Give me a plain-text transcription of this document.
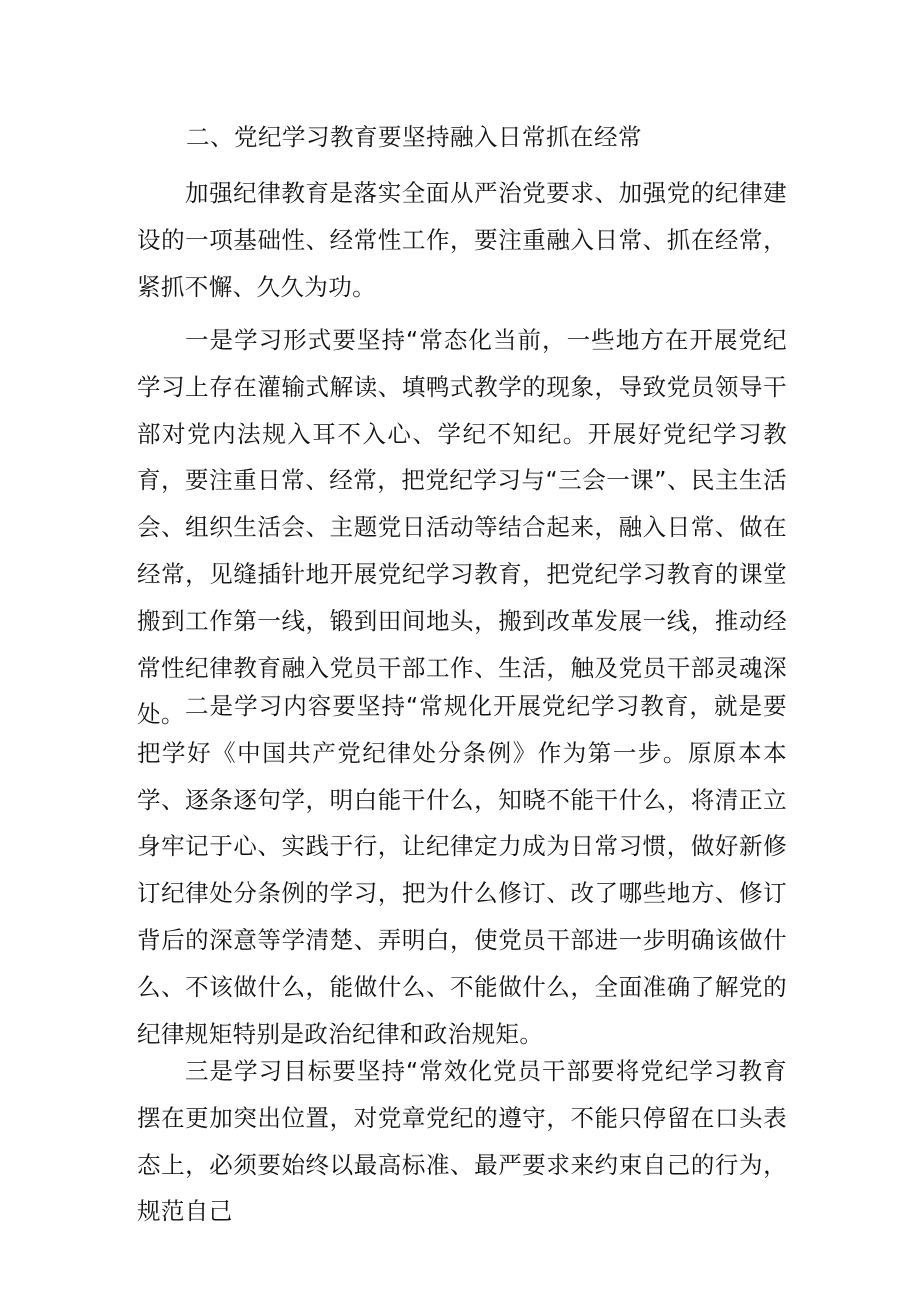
二、党纪学习教育要坚持融入日常抓在经常

加强纪律教育是落实全面从严治党要求、加强党的纪律建设的一项基础性、经常性工作，要注重融入日常、抓在经常，紧抓不懈、久久为功。

一是学习形式要坚持“常态化当前，一些地方在开展党纪学习上存在灌输式解读、填鸭式教学的现象，导致党员领导干部对党内法规入耳不入心、学纪不知纪。开展好党纪学习教育，要注重日常、经常，把党纪学习与“三会一课”、民主生活会、组织生活会、主题党日活动等结合起来，融入日常、做在经常，见缝插针地开展党纪学习教育，把党纪学习教育的课堂搬到工作第一线，锻到田间地头，搬到改革发展一线，推动经常性纪律教育融入党员干部工作、生活，触及党员干部灵魂深处。 二是学习内容要坚持“常规化开展党纪学习教育，就是要把学好《中国共产党纪律处分条例》作为第一步。原原本本学、逐条逐句学，明白能干什么，知晓不能干什么，将清正立身牢记于心、实践于行，让纪律定力成为日常习惯，做好新修订纪律处分条例的学习，把为什么修订、改了哪些地方、修订背后的深意等学清楚、弄明白，使党员干部进一步明确该做什么、不该做什么，能做什么、不能做什么，全面准确了解党的纪律规矩特别是政治纪律和政治规矩。

三是学习目标要坚持“常效化党员干部要将党纪学习教育摆在更加突出位置，对党章党纪的遵守，不能只停留在口头表态上，必须要始终以最高标准、最严要求来约束自己的行为，规范自己
